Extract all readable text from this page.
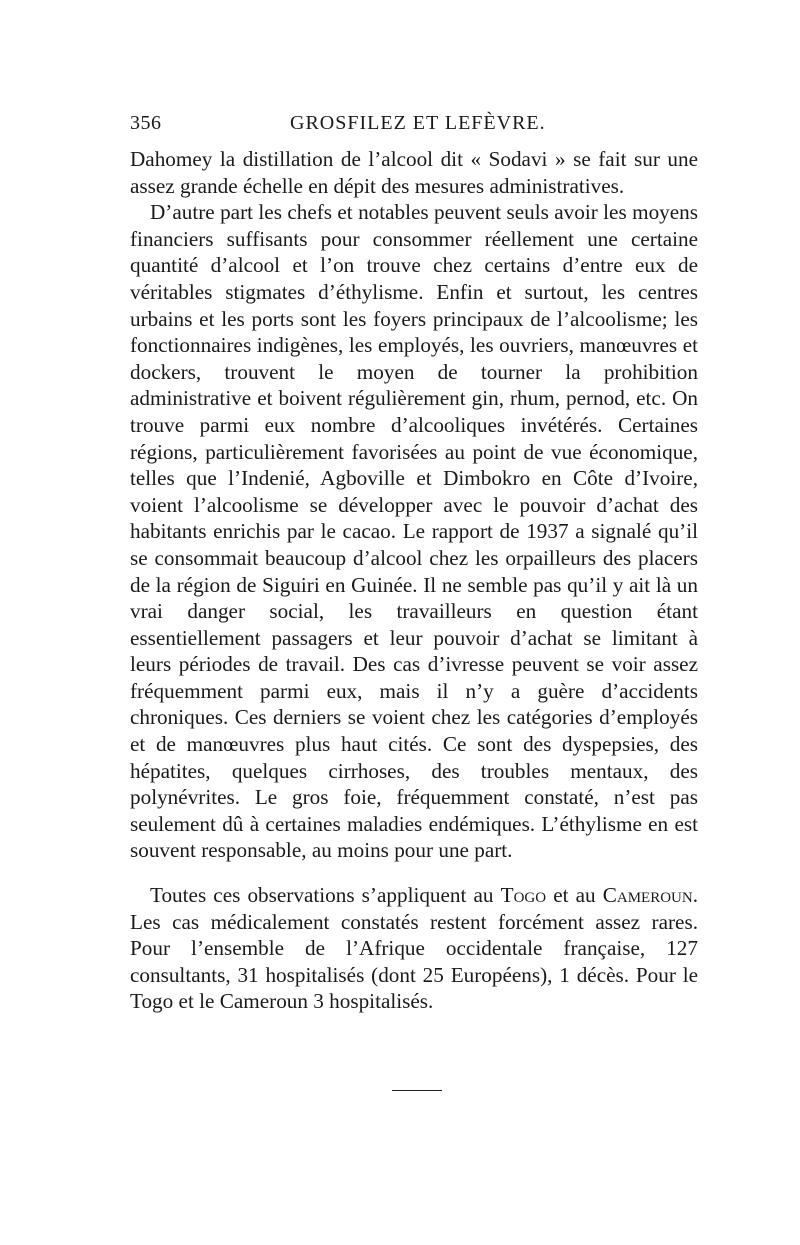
356	GROSFILEZ ET LEFÈVRE.

Dahomey la distillation de l’alcool dit « Sodavi » se fait sur une assez grande échelle en dépit des mesures administratives.

D’autre part les chefs et notables peuvent seuls avoir les moyens financiers suffisants pour consommer réellement une certaine quantité d’alcool et l’on trouve chez certains d’entre eux de véritables stigmates d’éthylisme. Enfin et surtout, les centres urbains et les ports sont les foyers principaux de l’alcoolisme; les fonctionnaires indigènes, les employés, les ouvriers, manœuvres et dockers, trouvent le moyen de tourner la prohibition administrative et boivent régulièrement gin, rhum, pernod, etc. On trouve parmi eux nombre d’alcooliques invétérés. Certaines régions, particulièrement favorisées au point de vue économique, telles que l’Indenié, Agboville et Dimbokro en Côte d’Ivoire, voient l’alcoolisme se développer avec le pouvoir d’achat des habitants enrichis par le cacao. Le rapport de 1937 a signalé qu’il se consommait beaucoup d’alcool chez les orpailleurs des placers de la région de Siguiri en Guinée. Il ne semble pas qu’il y ait là un vrai danger social, les travailleurs en question étant essentiellement passagers et leur pouvoir d’achat se limitant à leurs périodes de travail. Des cas d’ivresse peuvent se voir assez fréquemment parmi eux, mais il n’y a guère d’accidents chroniques. Ces derniers se voient chez les catégories d’employés et de manœuvres plus haut cités. Ce sont des dyspepsies, des hépatites, quelques cirrhoses, des troubles mentaux, des polynévrites. Le gros foie, fréquemment constaté, n’est pas seulement dû à certaines maladies endémiques. L’éthylisme en est souvent responsable, au moins pour une part.

Toutes ces observations s’appliquent au Togo et au Cameroun. Les cas médicalement constatés restent forcément assez rares. Pour l’ensemble de l’Afrique occidentale française, 127 consultants, 31 hospitalisés (dont 25 Européens), 1 décès. Pour le Togo et le Cameroun 3 hospitalisés.
